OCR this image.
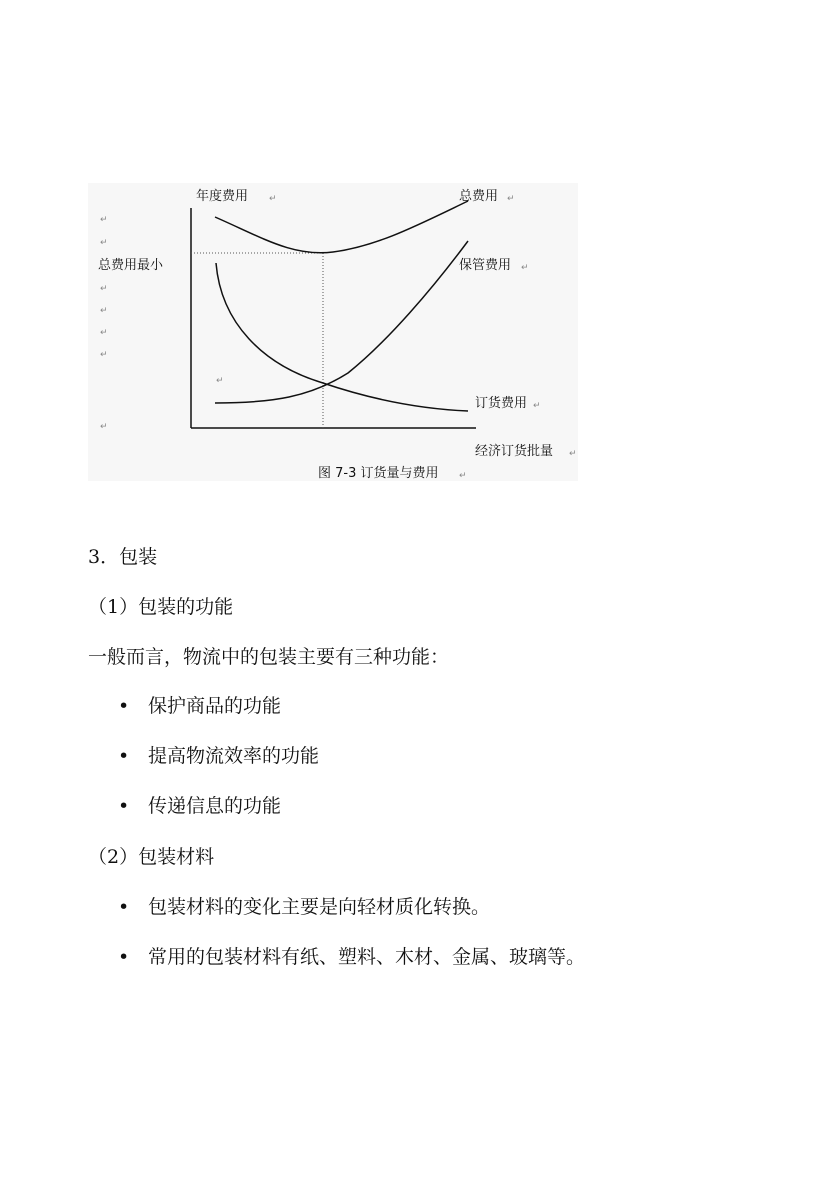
年度费用	总费用
总费用最小	保管费用
订货费用
经济订货批量
图 7-3 订货量与费用
↵
↵
↵
↵
↵
↵
↵
↵
↵	↵
↵
↵
↵
↵
3．包装
（1）包装的功能
一般而言，物流中的包装主要有三种功能：
• 保护商品的功能
• 提高物流效率的功能
• 传递信息的功能
（2）包装材料
• 包装材料的变化主要是向轻材质化转换。
• 常用的包装材料有纸、塑料、木材、金属、玻璃等。
